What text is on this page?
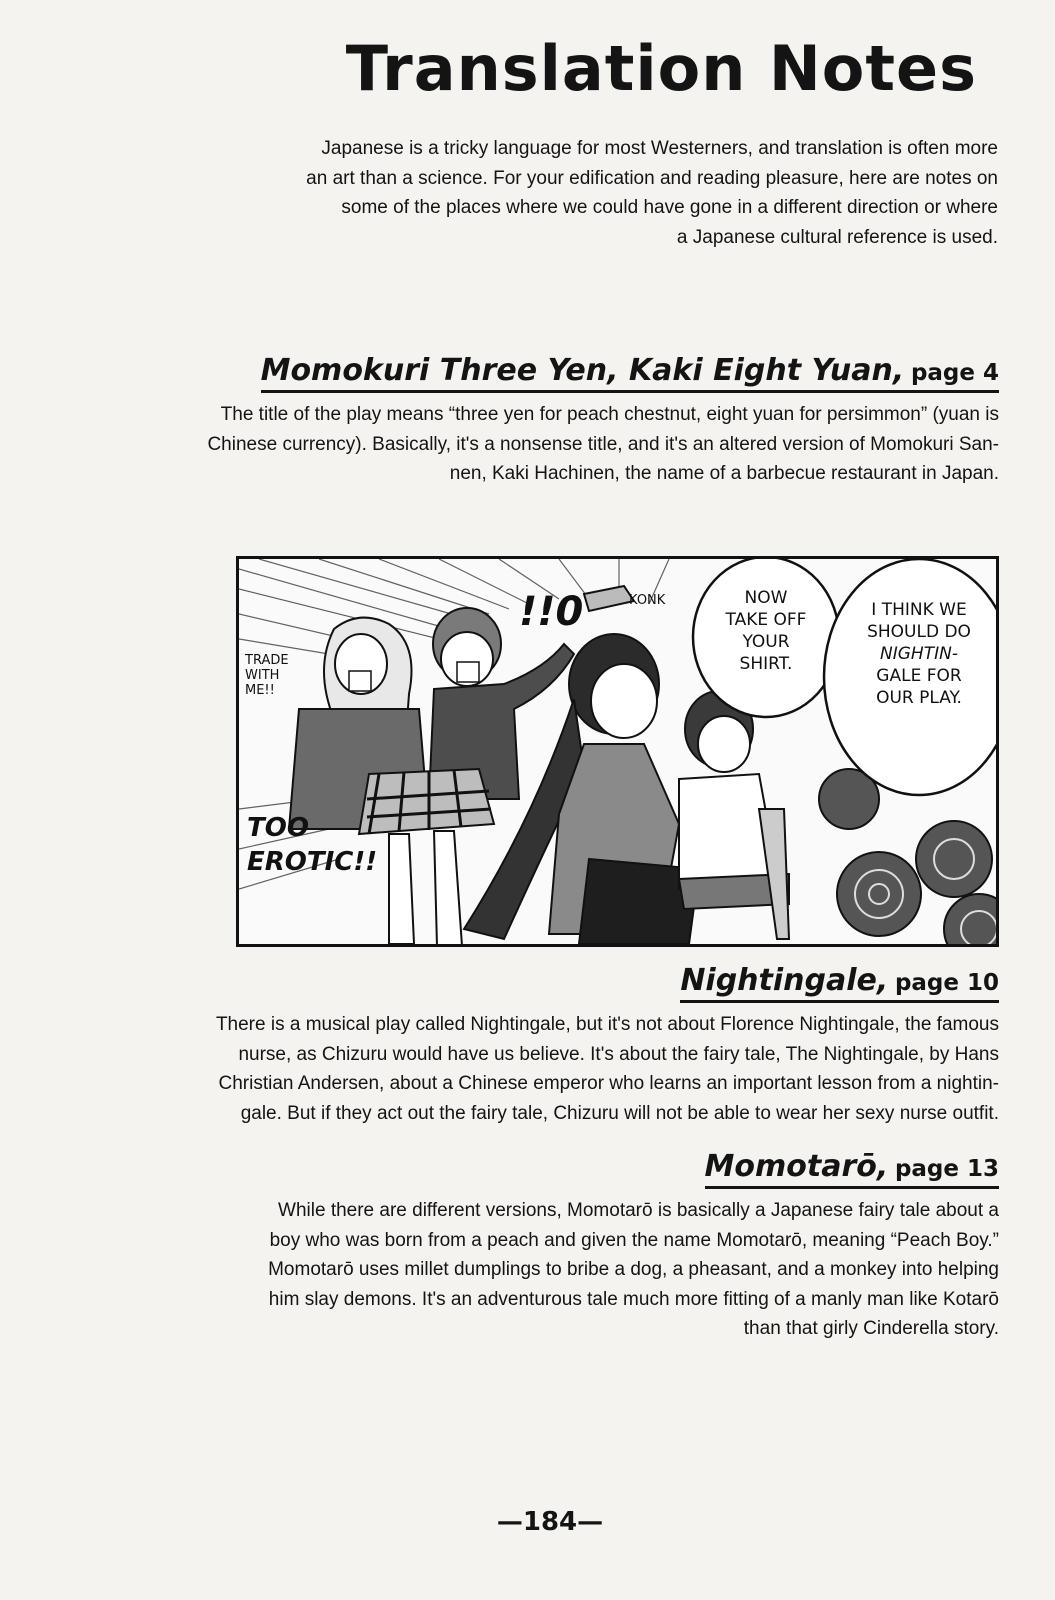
Translation Notes

Japanese is a tricky language for most Westerners, and translation is often more
an art than a science. For your edification and reading pleasure, here are notes on
some of the places where we could have gone in a different direction or where
a Japanese cultural reference is used.

Momokuri Three Yen, Kaki Eight Yuan, page 4

The title of the play means “three yen for peach chestnut, eight yuan for persimmon” (yuan is
Chinese currency). Basically, it's a nonsense title, and it's an altered version of Momokuri San-
nen, Kaki Hachinen, the name of a barbecue restaurant in Japan.

NOW
TAKE OFF
YOUR
SHIRT.
I THINK WE
SHOULD DO
NIGHTIN-
GALE FOR
OUR PLAY.
KONK
!!0
TRADE
WITH
ME!!
TOO
EROTIC!!
Nightingale, page 10

There is a musical play called Nightingale, but it's not about Florence Nightingale, the famous
nurse, as Chizuru would have us believe. It's about the fairy tale, The Nightingale, by Hans
Christian Andersen, about a Chinese emperor who learns an important lesson from a nightin-
gale. But if they act out the fairy tale, Chizuru will not be able to wear her sexy nurse outfit.

Momotarō, page 13

While there are different versions, Momotarō is basically a Japanese fairy tale about a
boy who was born from a peach and given the name Momotarō, meaning “Peach Boy.”
Momotarō uses millet dumplings to bribe a dog, a pheasant, and a monkey into helping
him slay demons. It's an adventurous tale much more fitting of a manly man like Kotarō
than that girly Cinderella story.

—184—
